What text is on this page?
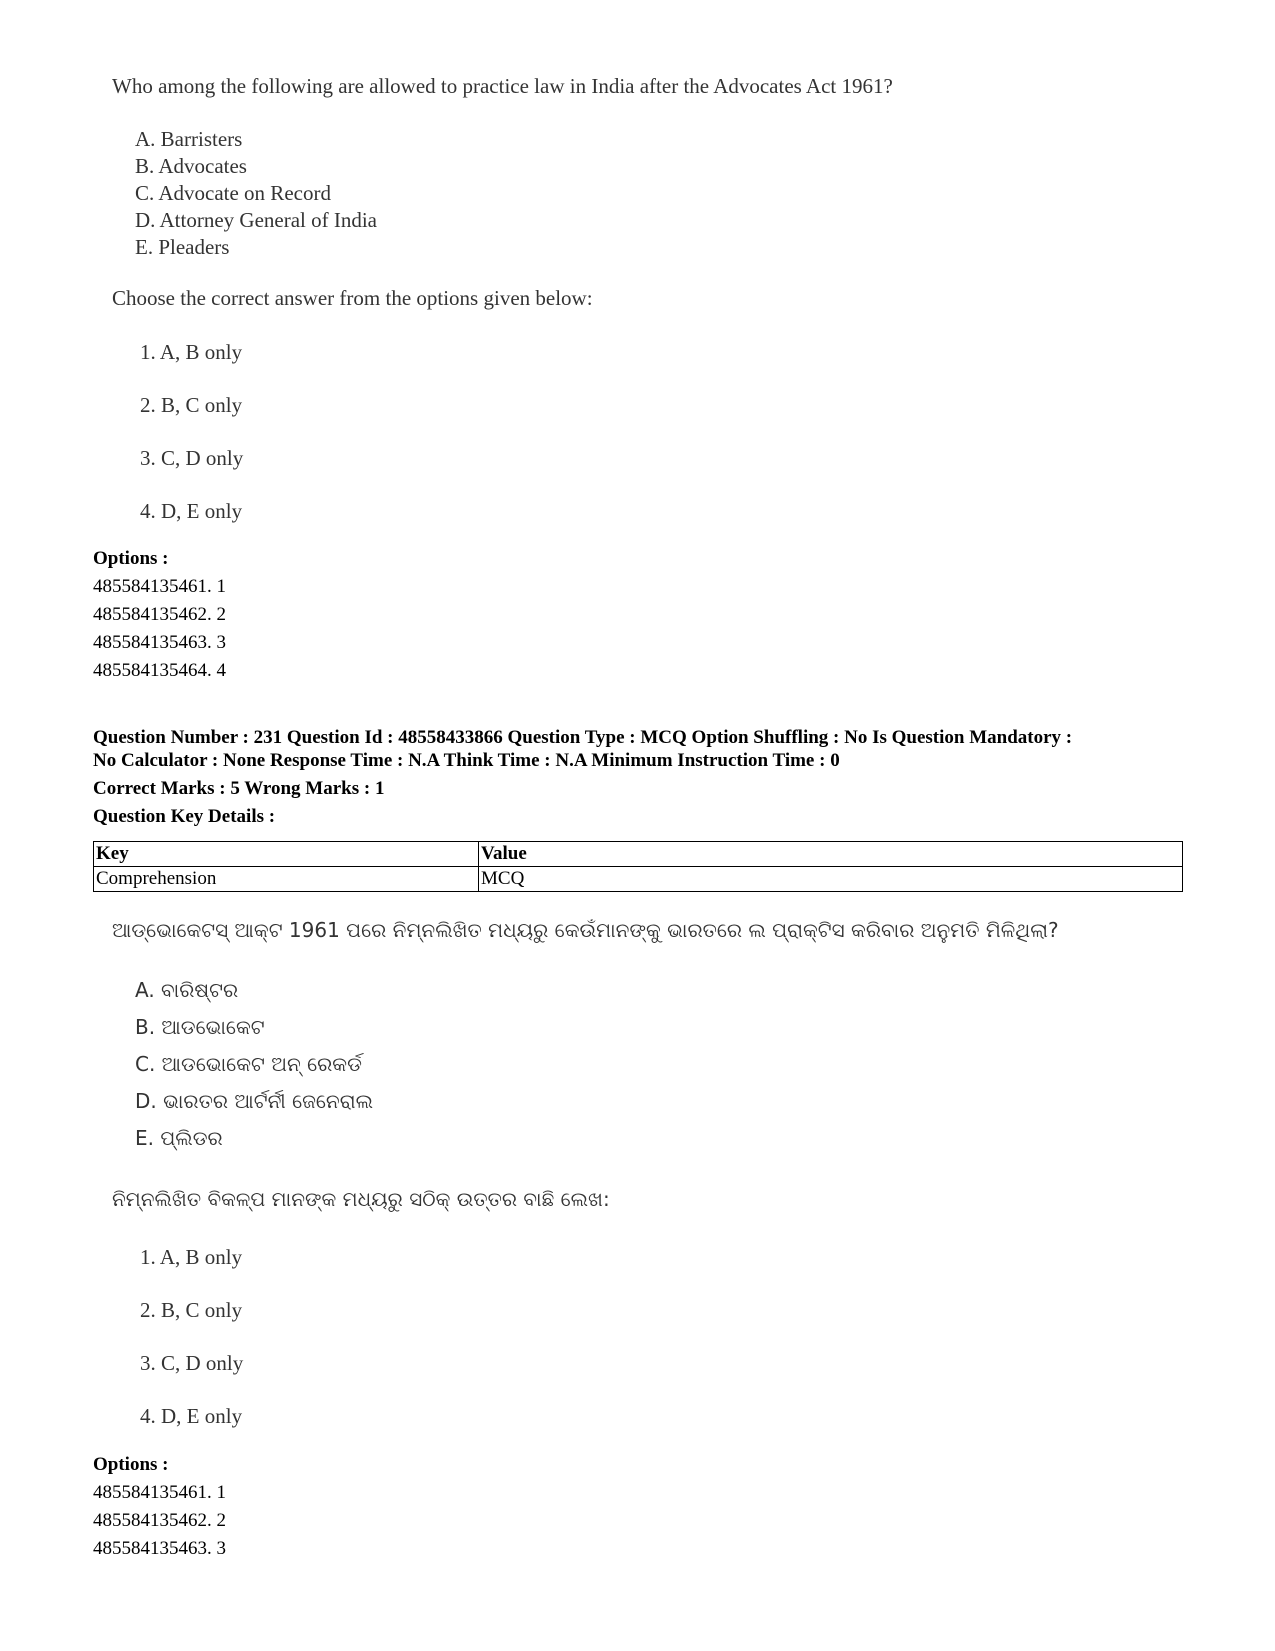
Who among the following are allowed to practice law in India after the Advocates Act 1961?
A. Barristers
B. Advocates
C. Advocate on Record
D. Attorney General of India
E. Pleaders
Choose the correct answer from the options given below:
1. A, B only
2. B, C only
3. C, D only
4. D, E only
Options :
485584135461. 1
485584135462. 2
485584135463. 3
485584135464. 4
Question Number : 231 Question Id : 48558433866 Question Type : MCQ Option Shuffling : No Is Question Mandatory :
No Calculator : None Response Time : N.A Think Time : N.A Minimum Instruction Time : 0
Correct Marks : 5 Wrong Marks : 1
Question Key Details :
Key	Value
Comprehension	MCQ
ଆଡ୍‌ଭୋକେଟସ୍ ଆକ୍ଟ 1961 ପରେ ନିମ୍ନଲିଖିତ ମଧ୍ୟରୁ କେଉଁମାନଙ୍କୁ ଭାରତରେ ଲ ପ୍ରାକ୍ଟିସ କରିବାର ଅନୁମତି ମିଳିଥିଲା?
A. ବାରିଷ୍ଟର
B. ଆଡଭୋକେଟ
C. ଆଡଭୋକେଟ ଅନ୍ ରେକର୍ଡ
D. ଭାରତର ଆର୍ଟର୍ନୀ ଜେନେରାଲ
E. ପ୍ଲିଡର
ନିମ୍ନଲିଖିତ ବିକଳ୍ପ ମାନଙ୍କ ମଧ୍ୟରୁ ସଠିକ୍ ଉତ୍ତର ବାଛି ଲେଖ:
1. A, B only
2. B, C only
3. C, D only
4. D, E only
Options :
485584135461. 1
485584135462. 2
485584135463. 3
